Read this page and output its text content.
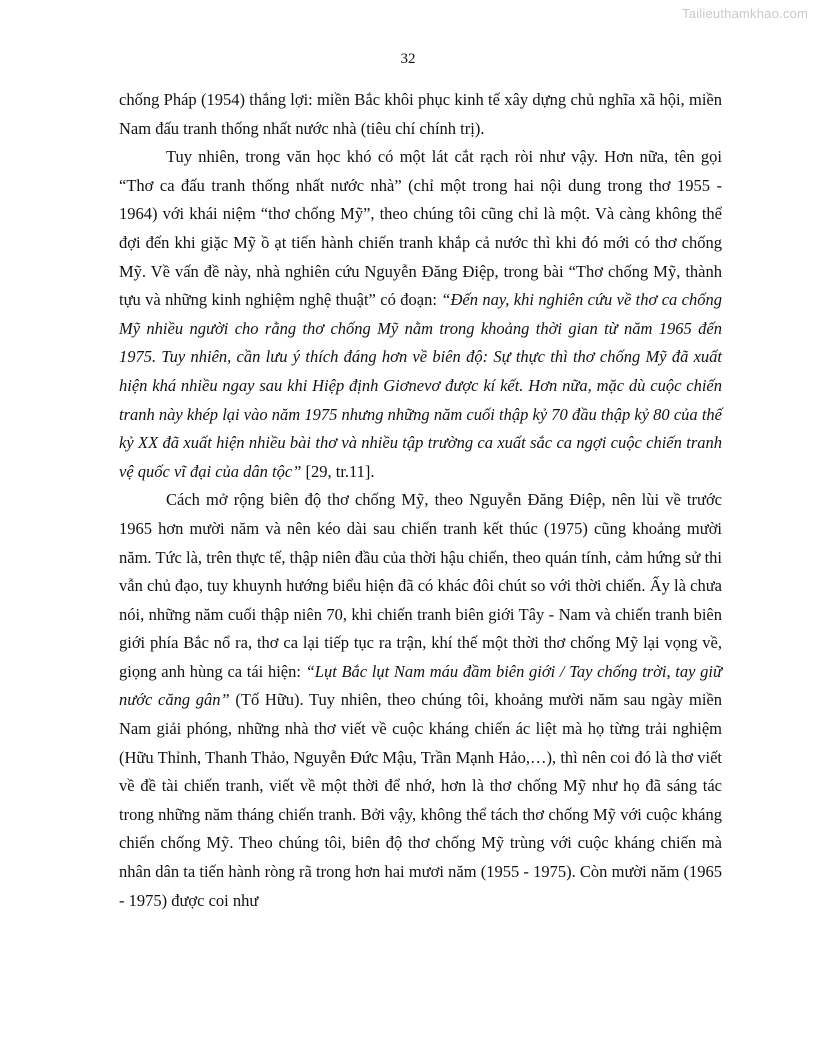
Tailieuthamkhao.com
32

chống Pháp (1954) thắng lợi: miền Bắc khôi phục kinh tế xây dựng chủ nghĩa xã hội, miền Nam đấu tranh thống nhất nước nhà (tiêu chí chính trị).

Tuy nhiên, trong văn học khó có một lát cắt rạch ròi như vậy. Hơn nữa, tên gọi “Thơ ca đấu tranh thống nhất nước nhà” (chỉ một trong hai nội dung trong thơ 1955 - 1964) với khái niệm “thơ chống Mỹ”, theo chúng tôi cũng chỉ là một. Và càng không thể đợi đến khi giặc Mỹ ồ ạt tiến hành chiến tranh khắp cả nước thì khi đó mới có thơ chống Mỹ. Về vấn đề này, nhà nghiên cứu Nguyễn Đăng Điệp, trong bài “Thơ chống Mỹ, thành tựu và những kinh nghiệm nghệ thuật” có đoạn: “Đến nay, khi nghiên cứu về thơ ca chống Mỹ nhiều người cho rằng thơ chống Mỹ nằm trong khoảng thời gian từ năm 1965 đến 1975. Tuy nhiên, cần lưu ý thích đáng hơn về biên độ: Sự thực thì thơ chống Mỹ đã xuất hiện khá nhiều ngay sau khi Hiệp định Giơnevơ được kí kết. Hơn nữa, mặc dù cuộc chiến tranh này khép lại vào năm 1975 nhưng những năm cuối thập kỷ 70 đầu thập kỷ 80 của thế kỷ XX đã xuất hiện nhiều bài thơ và nhiều tập trường ca xuất sắc ca ngợi cuộc chiến tranh vệ quốc vĩ đại của dân tộc” [29, tr.11].

Cách mở rộng biên độ thơ chống Mỹ, theo Nguyễn Đăng Điệp, nên lùi về trước 1965 hơn mười năm và nên kéo dài sau chiến tranh kết thúc (1975) cũng khoảng mười năm. Tức là, trên thực tế, thập niên đầu của thời hậu chiến, theo quán tính, cảm hứng sử thi vẫn chủ đạo, tuy khuynh hướng biểu hiện đã có khác đôi chút so với thời chiến. Ấy là chưa nói, những năm cuối thập niên 70, khi chiến tranh biên giới Tây - Nam và chiến tranh biên giới phía Bắc nổ ra, thơ ca lại tiếp tục ra trận, khí thế một thời thơ chống Mỹ lại vọng về, giọng anh hùng ca tái hiện: “Lụt Bắc lụt Nam máu đầm biên giới / Tay chống trời, tay giữ nước căng gân” (Tố Hữu). Tuy nhiên, theo chúng tôi, khoảng mười năm sau ngày miền Nam giải phóng, những nhà thơ viết về cuộc kháng chiến ác liệt mà họ từng trải nghiệm (Hữu Thỉnh, Thanh Thảo, Nguyễn Đức Mậu, Trần Mạnh Hảo,…), thì nên coi đó là thơ viết về đề tài chiến tranh, viết về một thời để nhớ, hơn là thơ chống Mỹ như họ đã sáng tác trong những năm tháng chiến tranh. Bởi vậy, không thể tách thơ chống Mỹ với cuộc kháng chiến chống Mỹ. Theo chúng tôi, biên độ thơ chống Mỹ trùng với cuộc kháng chiến mà nhân dân ta tiến hành ròng rã trong hơn hai mươi năm (1955 - 1975). Còn mười năm (1965 - 1975) được coi như
